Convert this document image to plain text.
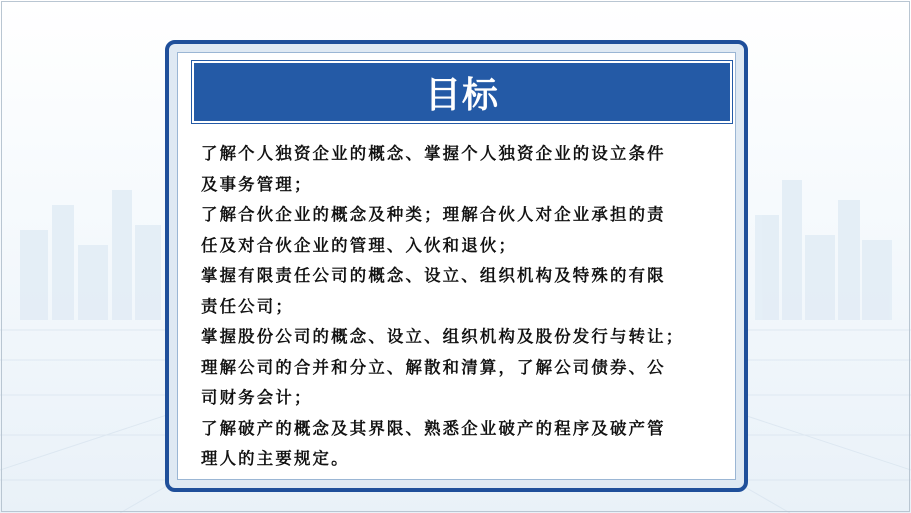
目标
了解个人独资企业的概念、掌握个人独资企业的设立条件
及事务管理；
了解合伙企业的概念及种类；理解合伙人对企业承担的责
任及对合伙企业的管理、入伙和退伙；
掌握有限责任公司的概念、设立、组织机构及特殊的有限
责任公司；
掌握股份公司的概念、设立、组织机构及股份发行与转让；
理解公司的合并和分立、解散和清算，了解公司债券、公
司财务会计；
了解破产的概念及其界限、熟悉企业破产的程序及破产管
理人的主要规定。
